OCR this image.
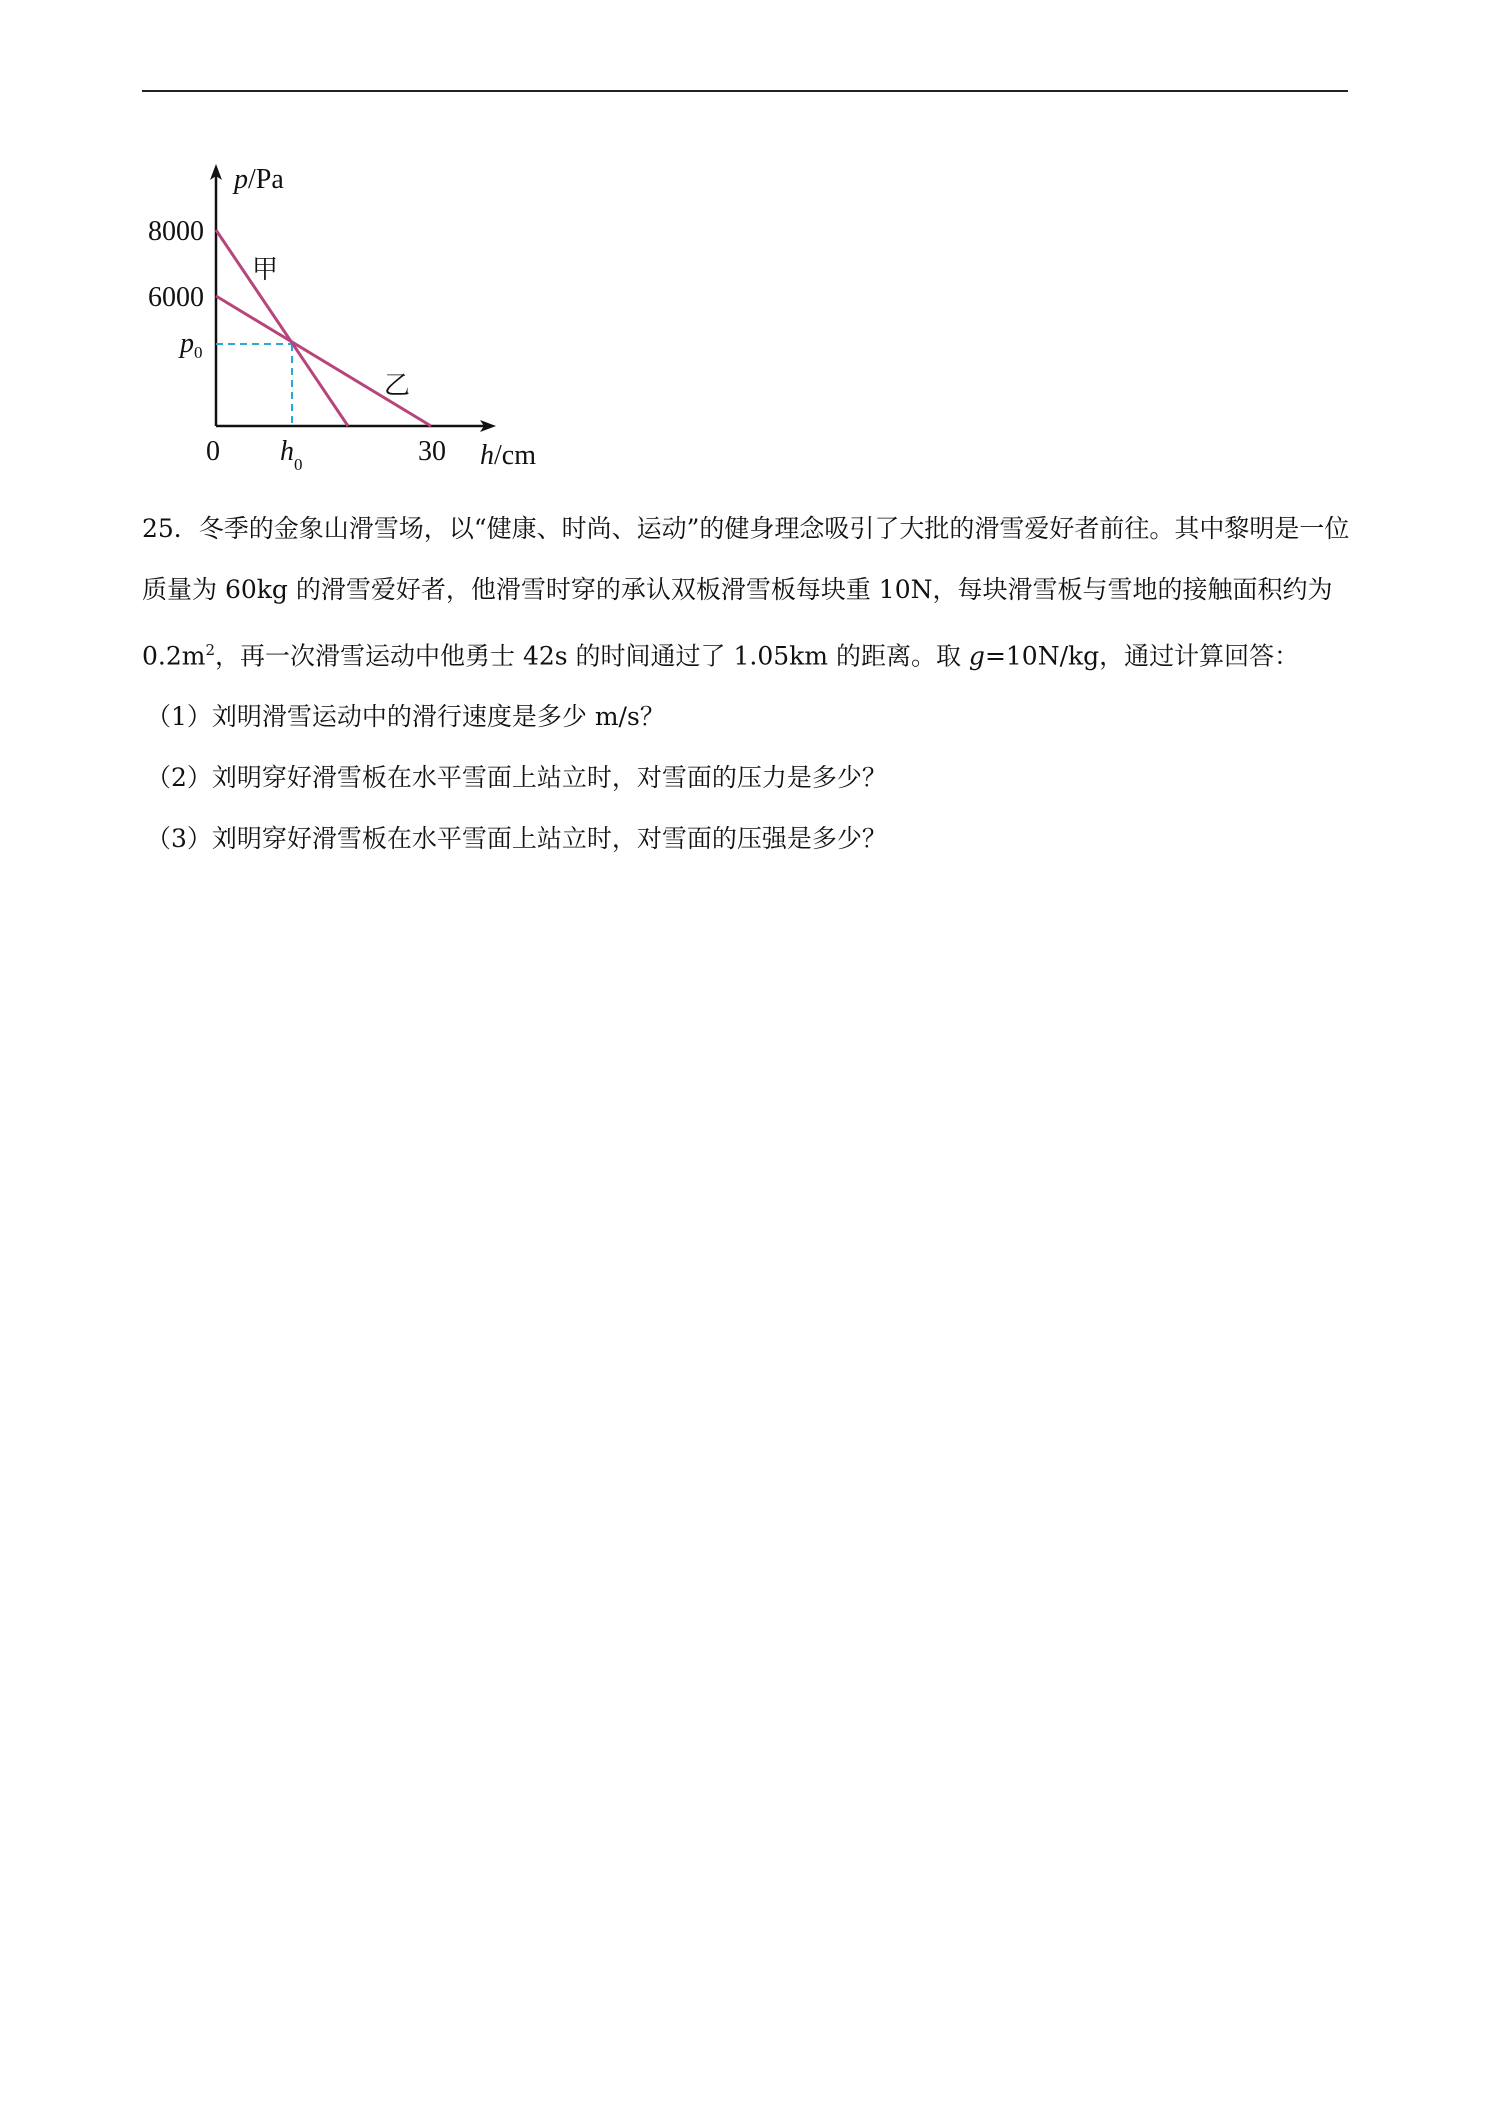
p/Pa
8000
6000
$p_0$
0 $h_0$	30 h/cm
甲
乙

25．冬季的金象山滑雪场，以“健康、时尚、运动”的健身理念吸引了大批的滑雪爱好者前往。其中黎明是一位质量为 60kg 的滑雪爱好者，他滑雪时穿的承认双板滑雪板每块重 10N，每块滑雪板与雪地的接触面积约为 $0.2m^2$，再一次滑雪运动中他勇士 42s 的时间通过了 1.05km 的距离。取 g=10N/kg，通过计算回答：

（1）刘明滑雪运动中的滑行速度是多少 m/s？

（2）刘明穿好滑雪板在水平雪面上站立时，对雪面的压力是多少？

（3）刘明穿好滑雪板在水平雪面上站立时，对雪面的压强是多少？
